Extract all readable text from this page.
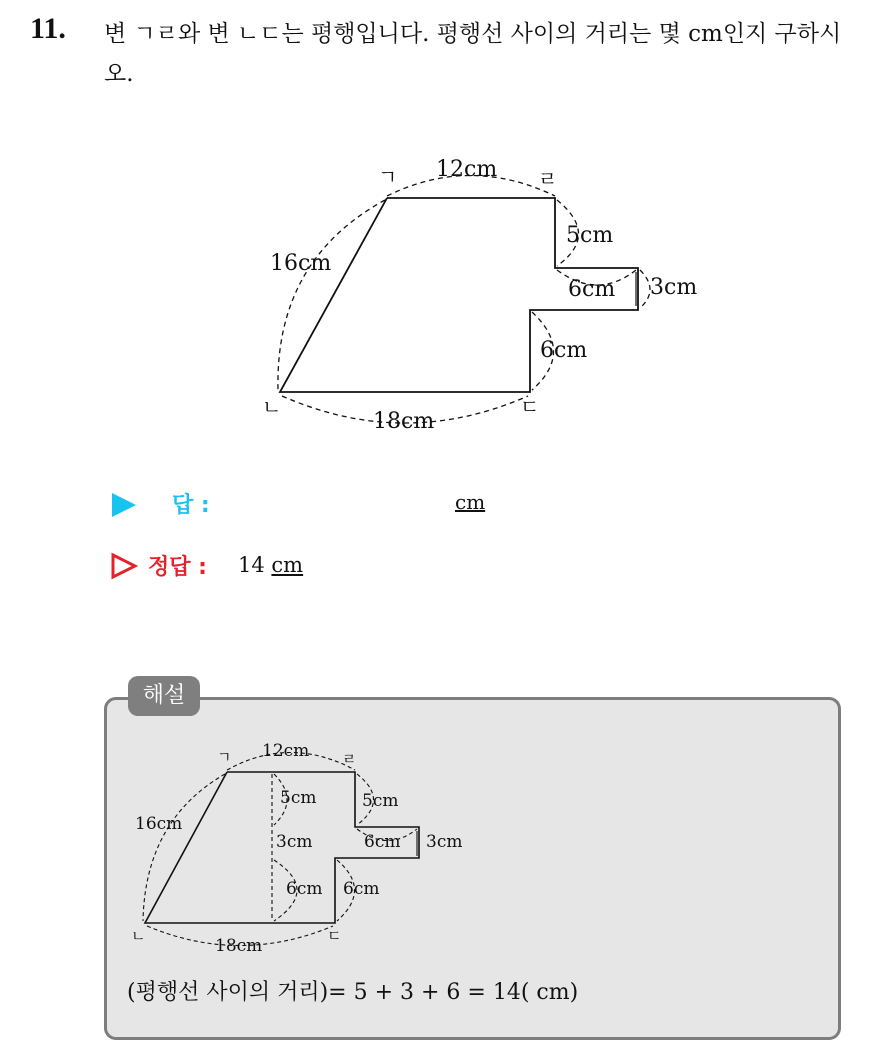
11. 변 ㄱㄹ와 변 ㄴㄷ는 평행입니다. 평행선 사이의 거리는 몇 cm인지 구하시오.
ㄱ	ㄹ
ㄴ	ㄷ
12cm
16cm
18cm
5cm
6cm 3cm
6cm
답 :	cm
정답 : 14 cm
해설
ㄱ	ㄹ
ㄴ	ㄷ
12cm
16cm
18cm
5cm
3cm
6cm
5cm
6cm 3cm
6cm
(평행선 사이의 거리)= 5 + 3 + 6 = 14( cm)
